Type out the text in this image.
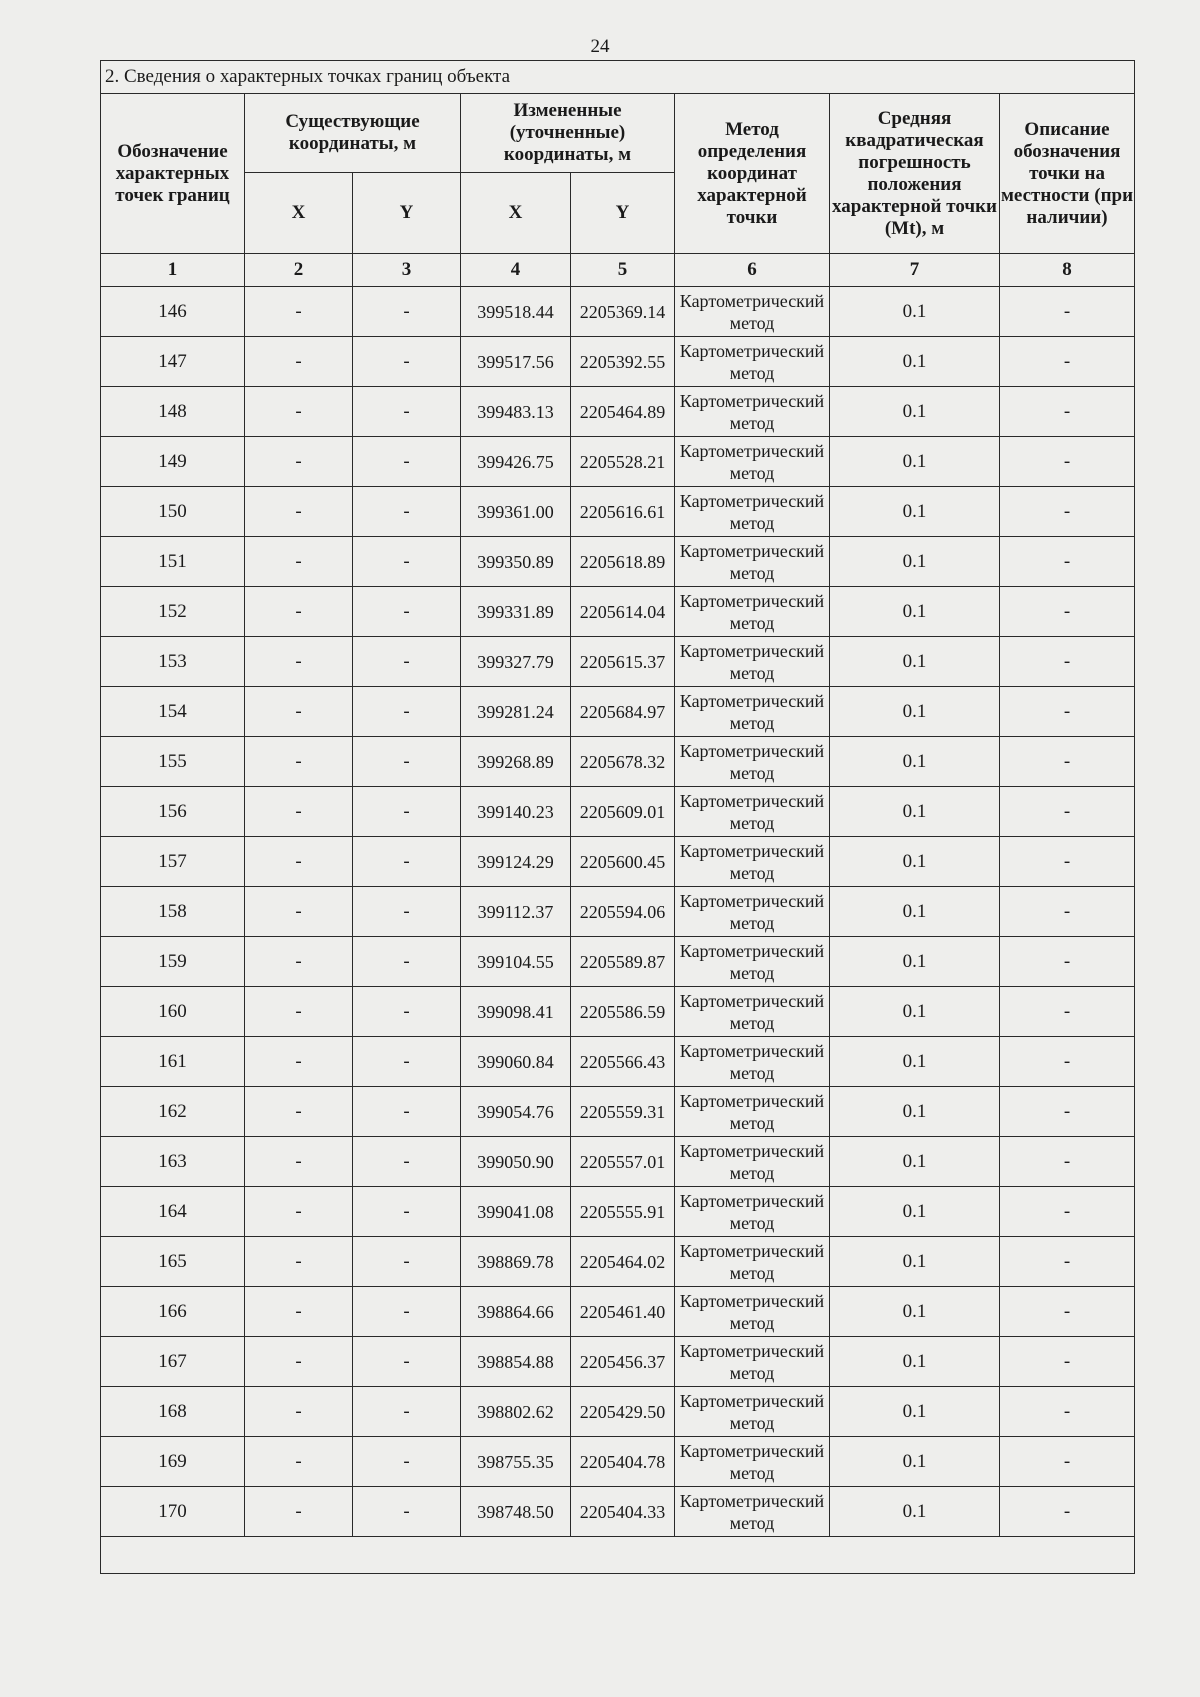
24
2. Сведения о характерных точках границ объекта							
Обозначение характерных точек границ	Существующие координаты, м		Измененные (уточненные) координаты, м		Метод определения координат характерной точки	Средняя квадратическая погрешность положения характерной точки (Mt), м	Описание обозначения точки на местности (при наличии)
	X	Y	X	Y			
1	2	3	4	5	6	7	8
146	-	-	399518.44	2205369.14	Картометрический метод	0.1	-
147	-	-	399517.56	2205392.55	Картометрический метод	0.1	-
148	-	-	399483.13	2205464.89	Картометрический метод	0.1	-
149	-	-	399426.75	2205528.21	Картометрический метод	0.1	-
150	-	-	399361.00	2205616.61	Картометрический метод	0.1	-
151	-	-	399350.89	2205618.89	Картометрический метод	0.1	-
152	-	-	399331.89	2205614.04	Картометрический метод	0.1	-
153	-	-	399327.79	2205615.37	Картометрический метод	0.1	-
154	-	-	399281.24	2205684.97	Картометрический метод	0.1	-
155	-	-	399268.89	2205678.32	Картометрический метод	0.1	-
156	-	-	399140.23	2205609.01	Картометрический метод	0.1	-
157	-	-	399124.29	2205600.45	Картометрический метод	0.1	-
158	-	-	399112.37	2205594.06	Картометрический метод	0.1	-
159	-	-	399104.55	2205589.87	Картометрический метод	0.1	-
160	-	-	399098.41	2205586.59	Картометрический метод	0.1	-
161	-	-	399060.84	2205566.43	Картометрический метод	0.1	-
162	-	-	399054.76	2205559.31	Картометрический метод	0.1	-
163	-	-	399050.90	2205557.01	Картометрический метод	0.1	-
164	-	-	399041.08	2205555.91	Картометрический метод	0.1	-
165	-	-	398869.78	2205464.02	Картометрический метод	0.1	-
166	-	-	398864.66	2205461.40	Картометрический метод	0.1	-
167	-	-	398854.88	2205456.37	Картометрический метод	0.1	-
168	-	-	398802.62	2205429.50	Картометрический метод	0.1	-
169	-	-	398755.35	2205404.78	Картометрический метод	0.1	-
170	-	-	398748.50	2205404.33	Картометрический метод	0.1	-
